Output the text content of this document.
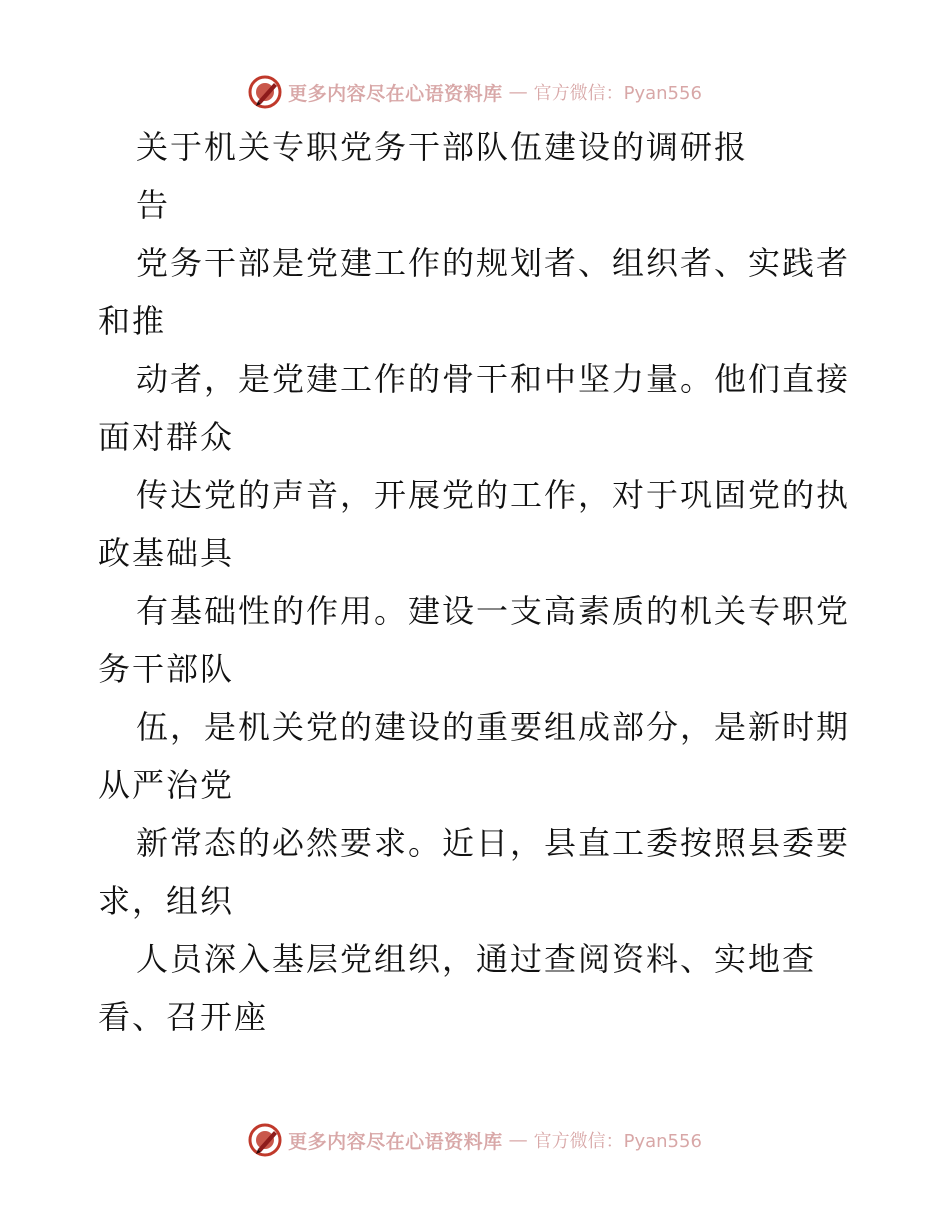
更多内容尽在心语资料库 — 官方微信：Pyan556
关于机关专职党务干部队伍建设的调研报
告
党务干部是党建工作的规划者、组织者、实践者
和推
动者，是党建工作的骨干和中坚力量。他们直接
面对群众
传达党的声音，开展党的工作，对于巩固党的执
政基础具
有基础性的作用。建设一支高素质的机关专职党
务干部队
伍，是机关党的建设的重要组成部分，是新时期
从严治党
新常态的必然要求。近日，县直工委按照县委要
求，组织
人员深入基层党组织，通过查阅资料、实地查
看、召开座
更多内容尽在心语资料库 — 官方微信：Pyan556
